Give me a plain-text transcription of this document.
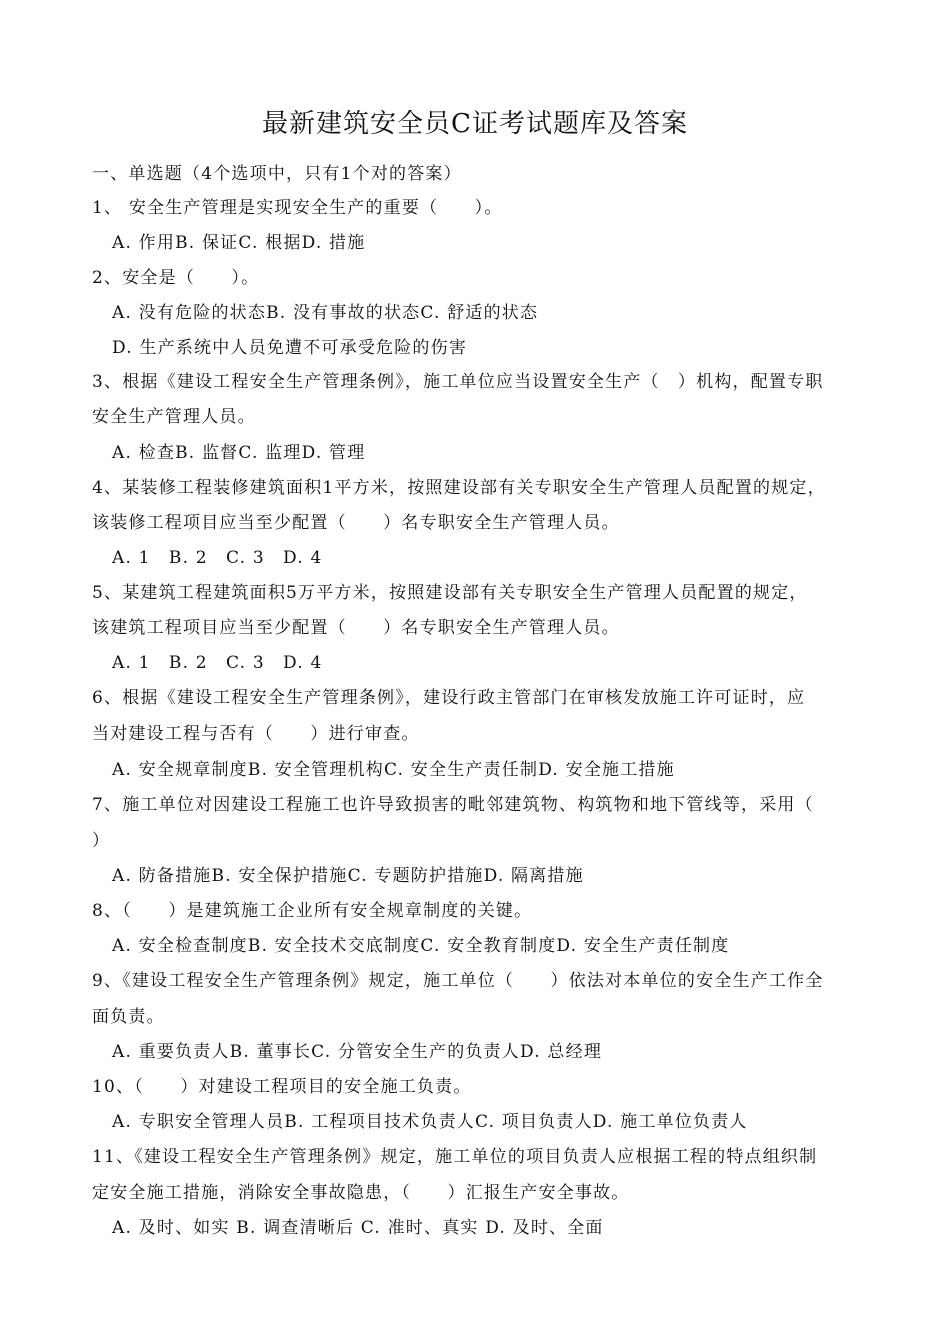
最新建筑安全员C证考试题库及答案
一、单选题（4个选项中，只有1个对的答案）
1、 安全生产管理是实现安全生产的重要（　　）。
A. 作用B. 保证C. 根据D. 措施
2、安全是（　　）。
A. 没有危险的状态B. 没有事故的状态C. 舒适的状态
D. 生产系统中人员免遭不可承受危险的伤害
3、根据《建设工程安全生产管理条例》，施工单位应当设置安全生产（　）机构，配置专职
安全生产管理人员。
A. 检查B. 监督C. 监理D. 管理
4、某装修工程装修建筑面积1平方米，按照建设部有关专职安全生产管理人员配置的规定，
该装修工程项目应当至少配置（　　）名专职安全生产管理人员。
A. 1　B. 2　C. 3　D. 4
5、某建筑工程建筑面积5万平方米，按照建设部有关专职安全生产管理人员配置的规定，
该建筑工程项目应当至少配置（　　）名专职安全生产管理人员。
A. 1　B. 2　C. 3　D. 4
6、根据《建设工程安全生产管理条例》，建设行政主管部门在审核发放施工许可证时，应
当对建设工程与否有（　　）进行审查。
A. 安全规章制度B. 安全管理机构C. 安全生产责任制D. 安全施工措施
7、施工单位对因建设工程施工也许导致损害的毗邻建筑物、构筑物和地下管线等，采用（
）
A. 防备措施B. 安全保护措施C. 专题防护措施D. 隔离措施
8、（　　）是建筑施工企业所有安全规章制度的关键。
A. 安全检查制度B. 安全技术交底制度C. 安全教育制度D. 安全生产责任制度
9、《建设工程安全生产管理条例》规定，施工单位（　　）依法对本单位的安全生产工作全
面负责。
A. 重要负责人B. 董事长C. 分管安全生产的负责人D. 总经理
10、（　　）对建设工程项目的安全施工负责。
A. 专职安全管理人员B. 工程项目技术负责人C. 项目负责人D. 施工单位负责人
11、《建设工程安全生产管理条例》规定，施工单位的项目负责人应根据工程的特点组织制
定安全施工措施，消除安全事故隐患，（　　）汇报生产安全事故。
A. 及时、如实 B. 调查清晰后 C. 准时、真实 D. 及时、全面
